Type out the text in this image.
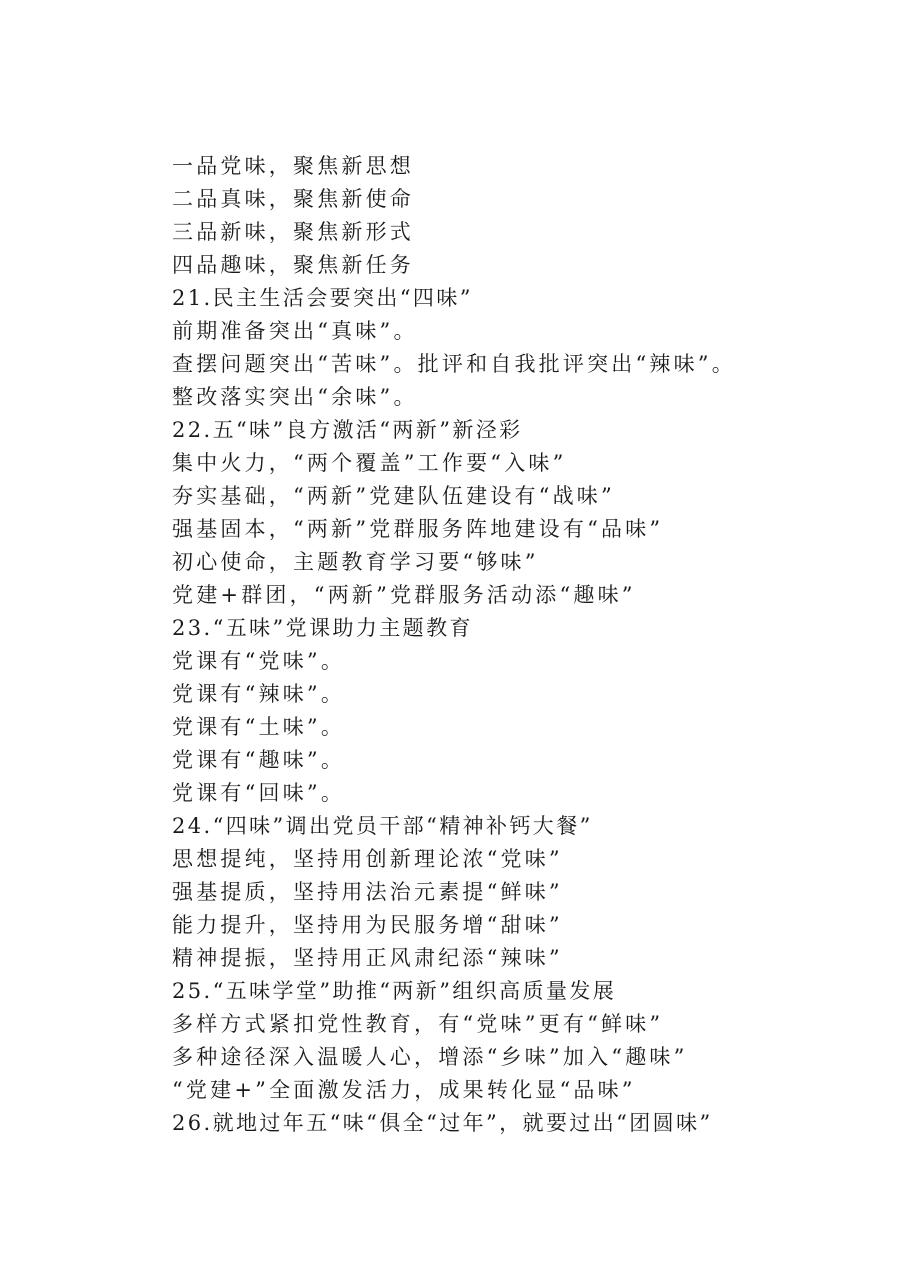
一品党味，聚焦新思想

二品真味，聚焦新使命

三品新味，聚焦新形式

四品趣味，聚焦新任务

21.民主生活会要突出“四味”

前期准备突出“真味”。

查摆问题突出“苦味”。批评和自我批评突出“辣味”。

整改落实突出“余味”。

22.五“味”良方激活“两新”新泾彩

集中火力，“两个覆盖”工作要“入味”

夯实基础，“两新”党建队伍建设有“战味”

强基固本，“两新”党群服务阵地建设有“品味”

初心使命，主题教育学习要“够味”

党建+群团，“两新”党群服务活动添“趣味”

23.“五味”党课助力主题教育

党课有“党味”。

党课有“辣味”。

党课有“土味”。

党课有“趣味”。

党课有“回味”。

24.“四味”调出党员干部“精神补钙大餐”

思想提纯，坚持用创新理论浓“党味”

强基提质，坚持用法治元素提“鲜味”

能力提升，坚持用为民服务增“甜味”

精神提振，坚持用正风肃纪添“辣味”

25.“五味学堂”助推“两新”组织高质量发展

多样方式紧扣党性教育，有“党味”更有“鲜味”

多种途径深入温暖人心，增添“乡味”加入“趣味”

“党建+”全面激发活力，成果转化显“品味”

26.就地过年五“味“俱全“过年”，就要过出“团圆味”
